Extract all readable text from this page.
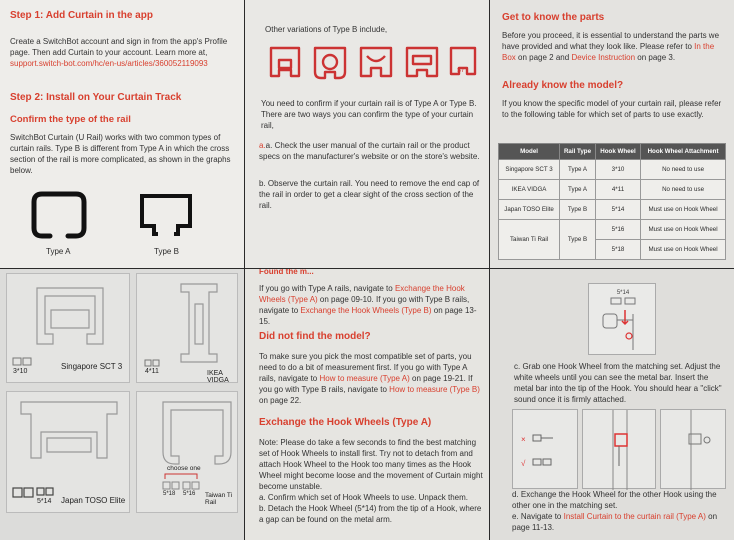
Step 1: Add Curtain in the app
Create a SwitchBot account and sign in from the app's Profile page. Then add Curtain to your account. Learn more at, support.switch-bot.com/hc/en-us/articles/360052119093
Step 2: Install on Your Curtain Track
Confirm the type of the rail
SwitchBot Curtain (U Rail) works with two common types of curtain rails. Type B is different from Type A in which the cross section of the rail is more complicated, as shown in the graphs below.
Type A	Type B
Other variations of Type B include,
S7
You need to confirm if your curtain rail is of Type A or Type B. There are two ways you can confirm the type of your curtain rail,
a.a. Check the user manual of the curtain rail or the product specs on the manufacturer's website or on the store's website.
b. Observe the curtain rail. You need to remove the end cap of the rail in order to get a clear sight of the cross section of the rail.
Get to know the parts
Before you proceed, it is essential to understand the parts we have provided and what they look like. Please refer to In the Box on page 2 and Device Instruction on page 3.
Already know the model?
If you know the specific model of your curtain rail, please refer to the following table for which set of parts to use exactly.
Model	Rail Type	Hook Wheel	Hook Wheel Attachment
Singapore SCT 3	Type A	3*10	No need to use
IKEA VIDGA	Type A	4*11	No need to use
Japan TOSO Elite	Type B	5*14	Must use on Hook Wheel
Taiwan Ti Rail	Type B	5*16	Must use on Hook Wheel
		5*18	Must use on Hook Wheel
3*10
Singapore SCT 3
4*11	IKEA VIDGA
5*14 Japan TOSO Elite
choose one
5*18 5*16 Taiwan Ti Rail
Found the m...
If you go with Type A rails, navigate to Exchange the Hook Wheels (Type A) on page 09-10. If you go with Type B rails, navigate to Exchange the Hook Wheels (Type B) on page 13-15.
Did not find the model?
To make sure you pick the most compatible set of parts, you need to do a bit of measurement first. If you go with Type A rails, navigate to How to measure (Type A) on page 19-21. If you go with Type B rails, navigate to How to measure (Type B) on page 22.
Exchange the Hook Wheels (Type A)
Note: Please do take a few seconds to find the best matching set of Hook Wheels to install first. Try not to detach from and attach Hook Wheel to the Hook too many times as the Hook Wheel might become loose and the movement of Curtain might become unstable.
a. Confirm which set of Hook Wheels to use. Unpack them.
b. Detach the Hook Wheel (5*14) from the tip of a Hook, where a gap can be found on the metal arm.
5*14
c. Grab one Hook Wheel from the matching set. Adjust the white wheels until you can see the metal bar. Insert the metal bar into the tip of the Hook. You should hear a "click" sound once it is firmly attached.
×
√
d. Exchange the Hook Wheel for the other Hook using the other one in the matching set.
e. Navigate to Install Curtain to the curtain rail (Type A) on page 11-13.
